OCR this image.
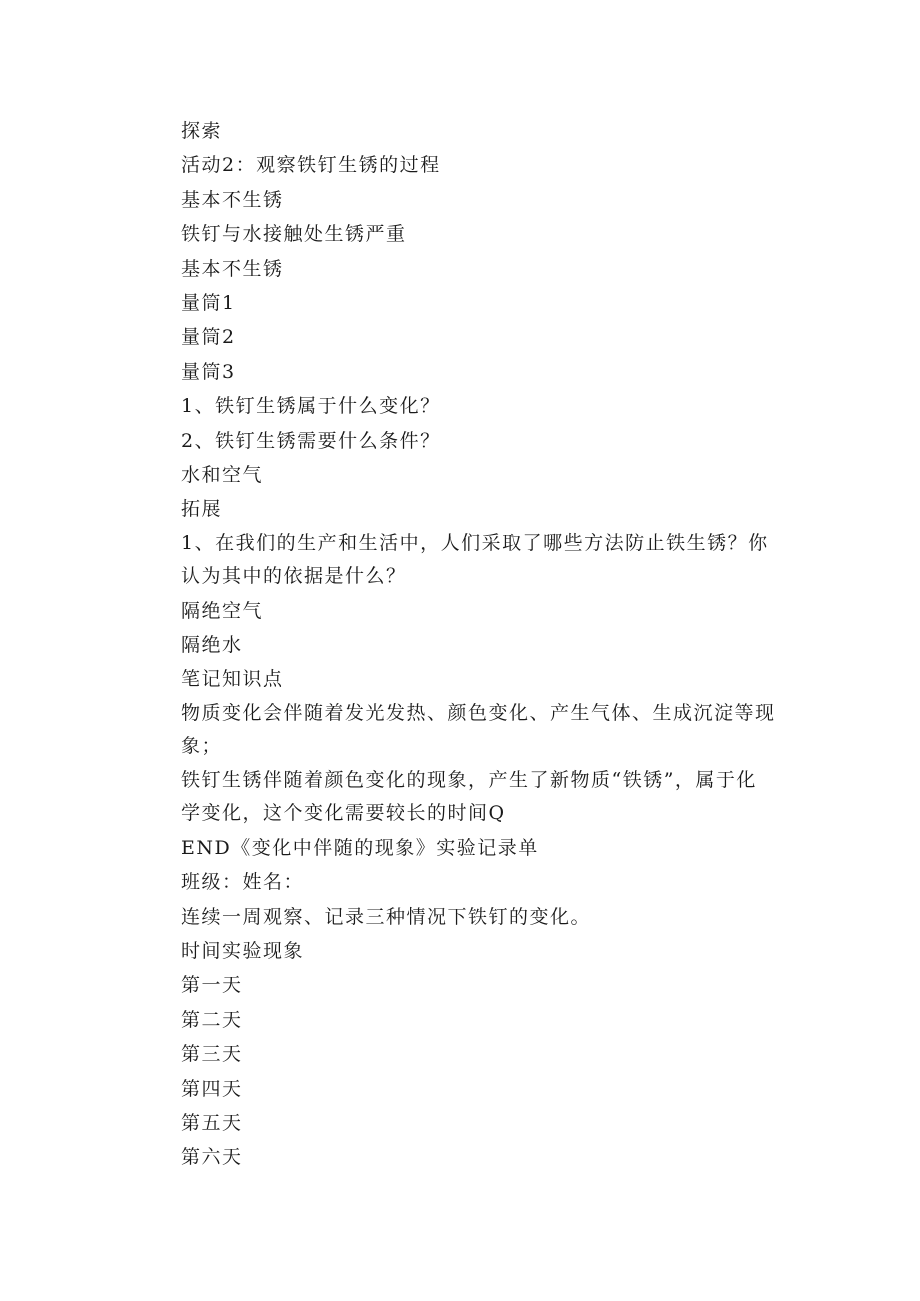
探索

活动2：观察铁钉生锈的过程

基本不生锈

铁钉与水接触处生锈严重

基本不生锈

量筒1

量筒2

量筒3

1、铁钉生锈属于什么变化？

2、铁钉生锈需要什么条件？

水和空气

拓展

1、在我们的生产和生活中，人们采取了哪些方法防止铁生锈？你认为其中的依据是什么？

隔绝空气

隔绝水

笔记知识点

物质变化会伴随着发光发热、颜色变化、产生气体、生成沉淀等现象；

铁钉生锈伴随着颜色变化的现象，产生了新物质“铁锈”，属于化学变化，这个变化需要较长的时间Q

END《变化中伴随的现象》实验记录单

班级：姓名：

连续一周观察、记录三种情况下铁钉的变化。

时间实验现象

第一天

第二天

第三天

第四天

第五天

第六天
